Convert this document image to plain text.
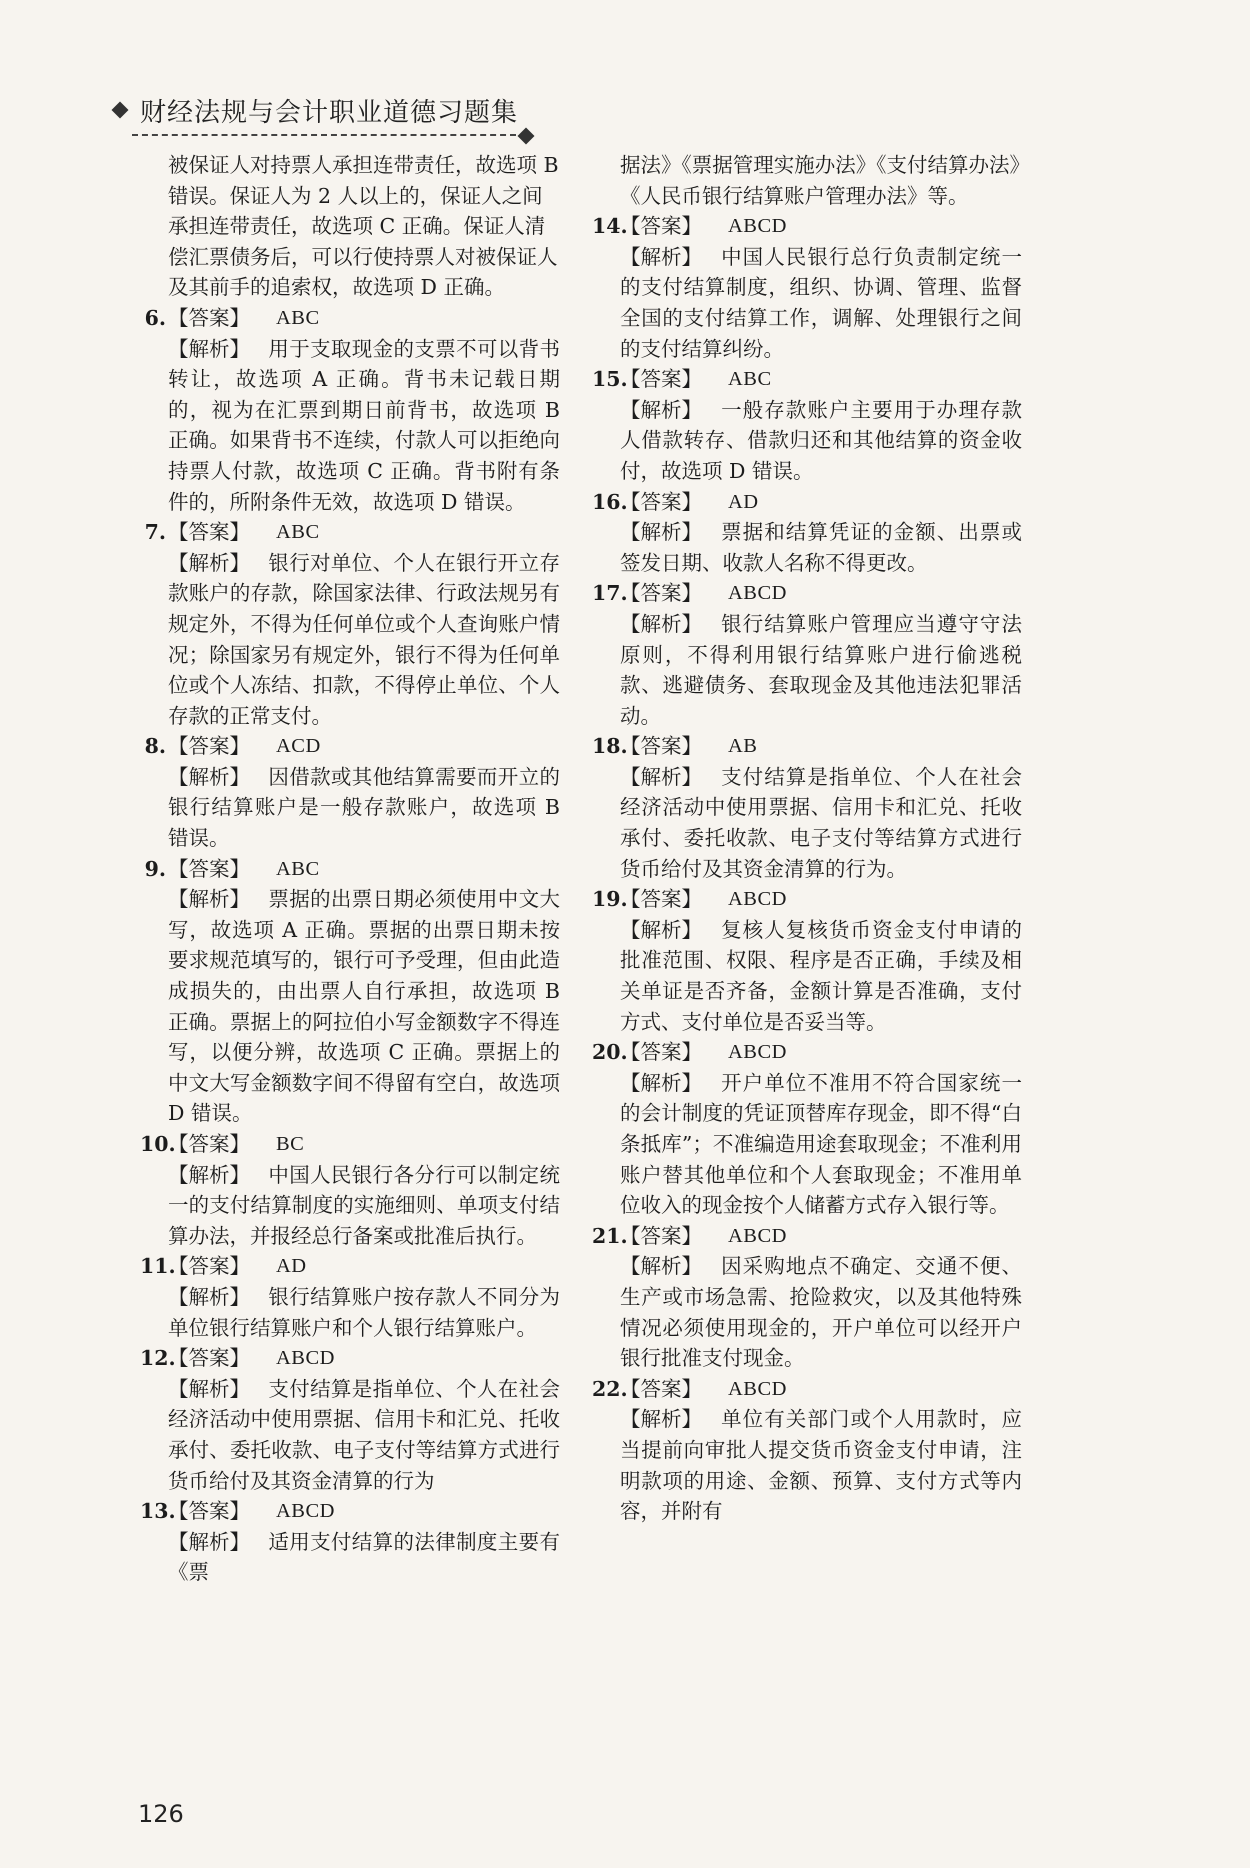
财经法规与会计职业道德习题集
被保证人对持票人承担连带责任，故选项 B 错误。保证人为 2 人以上的，保证人之间承担连带责任，故选项 C 正确。保证人清偿汇票债务后，可以行使持票人对被保证人及其前手的追索权，故选项 D 正确。
6. 【答案】 ABC
【解析】 用于支取现金的支票不可以背书转让，故选项 A 正确。背书未记载日期的，视为在汇票到期日前背书，故选项 B 正确。如果背书不连续，付款人可以拒绝向持票人付款，故选项 C 正确。背书附有条件的，所附条件无效，故选项 D 错误。
7. 【答案】 ABC
【解析】 银行对单位、个人在银行开立存款账户的存款，除国家法律、行政法规另有规定外，不得为任何单位或个人查询账户情况；除国家另有规定外，银行不得为任何单位或个人冻结、扣款，不得停止单位、个人存款的正常支付。
8. 【答案】 ACD
【解析】 因借款或其他结算需要而开立的银行结算账户是一般存款账户，故选项 B 错误。
9. 【答案】 ABC
【解析】 票据的出票日期必须使用中文大写，故选项 A 正确。票据的出票日期未按要求规范填写的，银行可予受理，但由此造成损失的，由出票人自行承担，故选项 B 正确。票据上的阿拉伯小写金额数字不得连写，以便分辨，故选项 C 正确。票据上的中文大写金额数字间不得留有空白，故选项 D 错误。
10.
【答案】 BC
【解析】 中国人民银行各分行可以制定统一的支付结算制度的实施细则、单项支付结算办法，并报经总行备案或批准后执行。
11.
【答案】 AD
【解析】 银行结算账户按存款人不同分为单位银行结算账户和个人银行结算账户。
12.
【答案】 ABCD
【解析】 支付结算是指单位、个人在社会经济活动中使用票据、信用卡和汇兑、托收承付、委托收款、电子支付等结算方式进行货币给付及其资金清算的行为
13.
【答案】 ABCD
【解析】 适用支付结算的法律制度主要有《票
据法》《票据管理实施办法》《支付结算办法》《人民币银行结算账户管理办法》等。
14.
【答案】 ABCD
【解析】 中国人民银行总行负责制定统一的支付结算制度，组织、协调、管理、监督全国的支付结算工作，调解、处理银行之间的支付结算纠纷。
15.
【答案】 ABC
【解析】 一般存款账户主要用于办理存款人借款转存、借款归还和其他结算的资金收付，故选项 D 错误。
16.
【答案】 AD
【解析】 票据和结算凭证的金额、出票或签发日期、收款人名称不得更改。
17.
【答案】 ABCD
【解析】 银行结算账户管理应当遵守守法原则，不得利用银行结算账户进行偷逃税款、逃避债务、套取现金及其他违法犯罪活动。
18.
【答案】 AB
【解析】 支付结算是指单位、个人在社会经济活动中使用票据、信用卡和汇兑、托收承付、委托收款、电子支付等结算方式进行货币给付及其资金清算的行为。
19.
【答案】 ABCD
【解析】 复核人复核货币资金支付申请的批准范围、权限、程序是否正确，手续及相关单证是否齐备，金额计算是否准确，支付方式、支付单位是否妥当等。
20.
【答案】 ABCD
【解析】 开户单位不准用不符合国家统一的会计制度的凭证顶替库存现金，即不得“白条抵库”；不准编造用途套取现金；不准利用账户替其他单位和个人套取现金；不准用单位收入的现金按个人储蓄方式存入银行等。
21.
【答案】 ABCD
【解析】 因采购地点不确定、交通不便、生产或市场急需、抢险救灾，以及其他特殊情况必须使用现金的，开户单位可以经开户银行批准支付现金。
22.
【答案】 ABCD
【解析】 单位有关部门或个人用款时，应当提前向审批人提交货币资金支付申请，注明款项的用途、金额、预算、支付方式等内容，并附有
126
